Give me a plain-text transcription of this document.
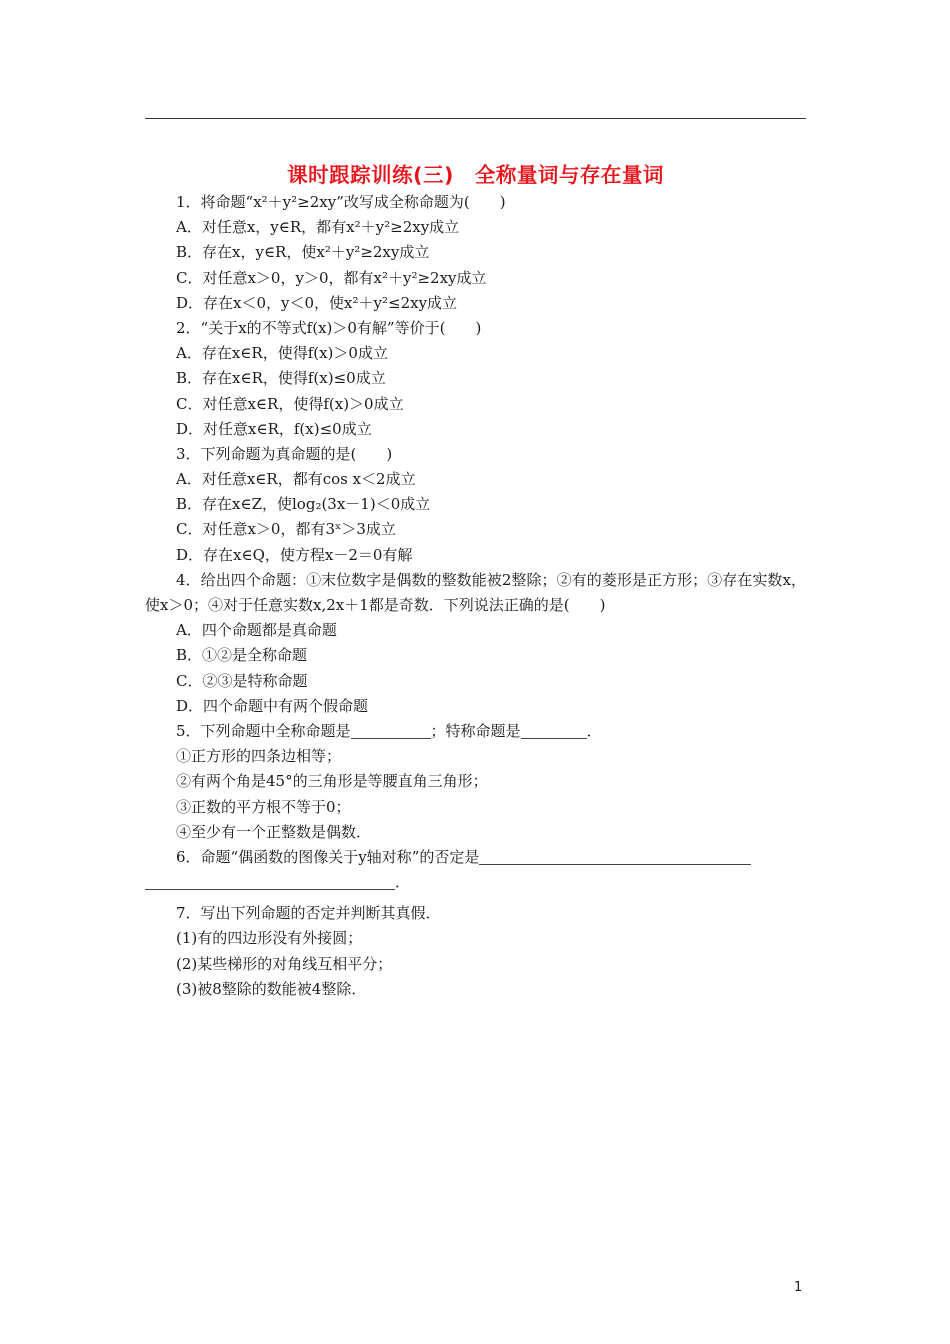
课时跟踪训练(三)　全称量词与存在量词
1．将命题“x²＋y²≥2xy”改写成全称命题为(　　)
A．对任意x，y∈R，都有x²＋y²≥2xy成立
B．存在x，y∈R，使x²＋y²≥2xy成立
C．对任意x＞0，y＞0，都有x²＋y²≥2xy成立
D．存在x＜0，y＜0，使x²＋y²≤2xy成立
2．“关于x的不等式f(x)＞0有解”等价于(　　)
A．存在x∈R，使得f(x)＞0成立
B．存在x∈R，使得f(x)≤0成立
C．对任意x∈R，使得f(x)＞0成立
D．对任意x∈R，f(x)≤0成立
3．下列命题为真命题的是(　　)
A．对任意x∈R，都有cos x＜2成立
B．存在x∈Z，使log₂(3x－1)＜0成立
C．对任意x＞0，都有3ˣ＞3成立
D．存在x∈Q，使方程x－2＝0有解
4．给出四个命题：①末位数字是偶数的整数能被2整除；②有的菱形是正方形；③存在实数x，使x＞0；④对于任意实数x,2x＋1都是奇数．下列说法正确的是(　　)
A．四个命题都是真命题
B．①②是全称命题
C．②③是特称命题
D．四个命题中有两个假命题
5．下列命题中全称命题是	；特称命题是	．
①正方形的四条边相等；
②有两个角是45°的三角形是等腰直角三角形；
③正数的平方根不等于0；
④至少有一个正整数是偶数．
6．命题“偶函数的图像关于y轴对称”的否定是
．
7．写出下列命题的否定并判断其真假．
(1)有的四边形没有外接圆；
(2)某些梯形的对角线互相平分；
(3)被8整除的数能被4整除．
1
